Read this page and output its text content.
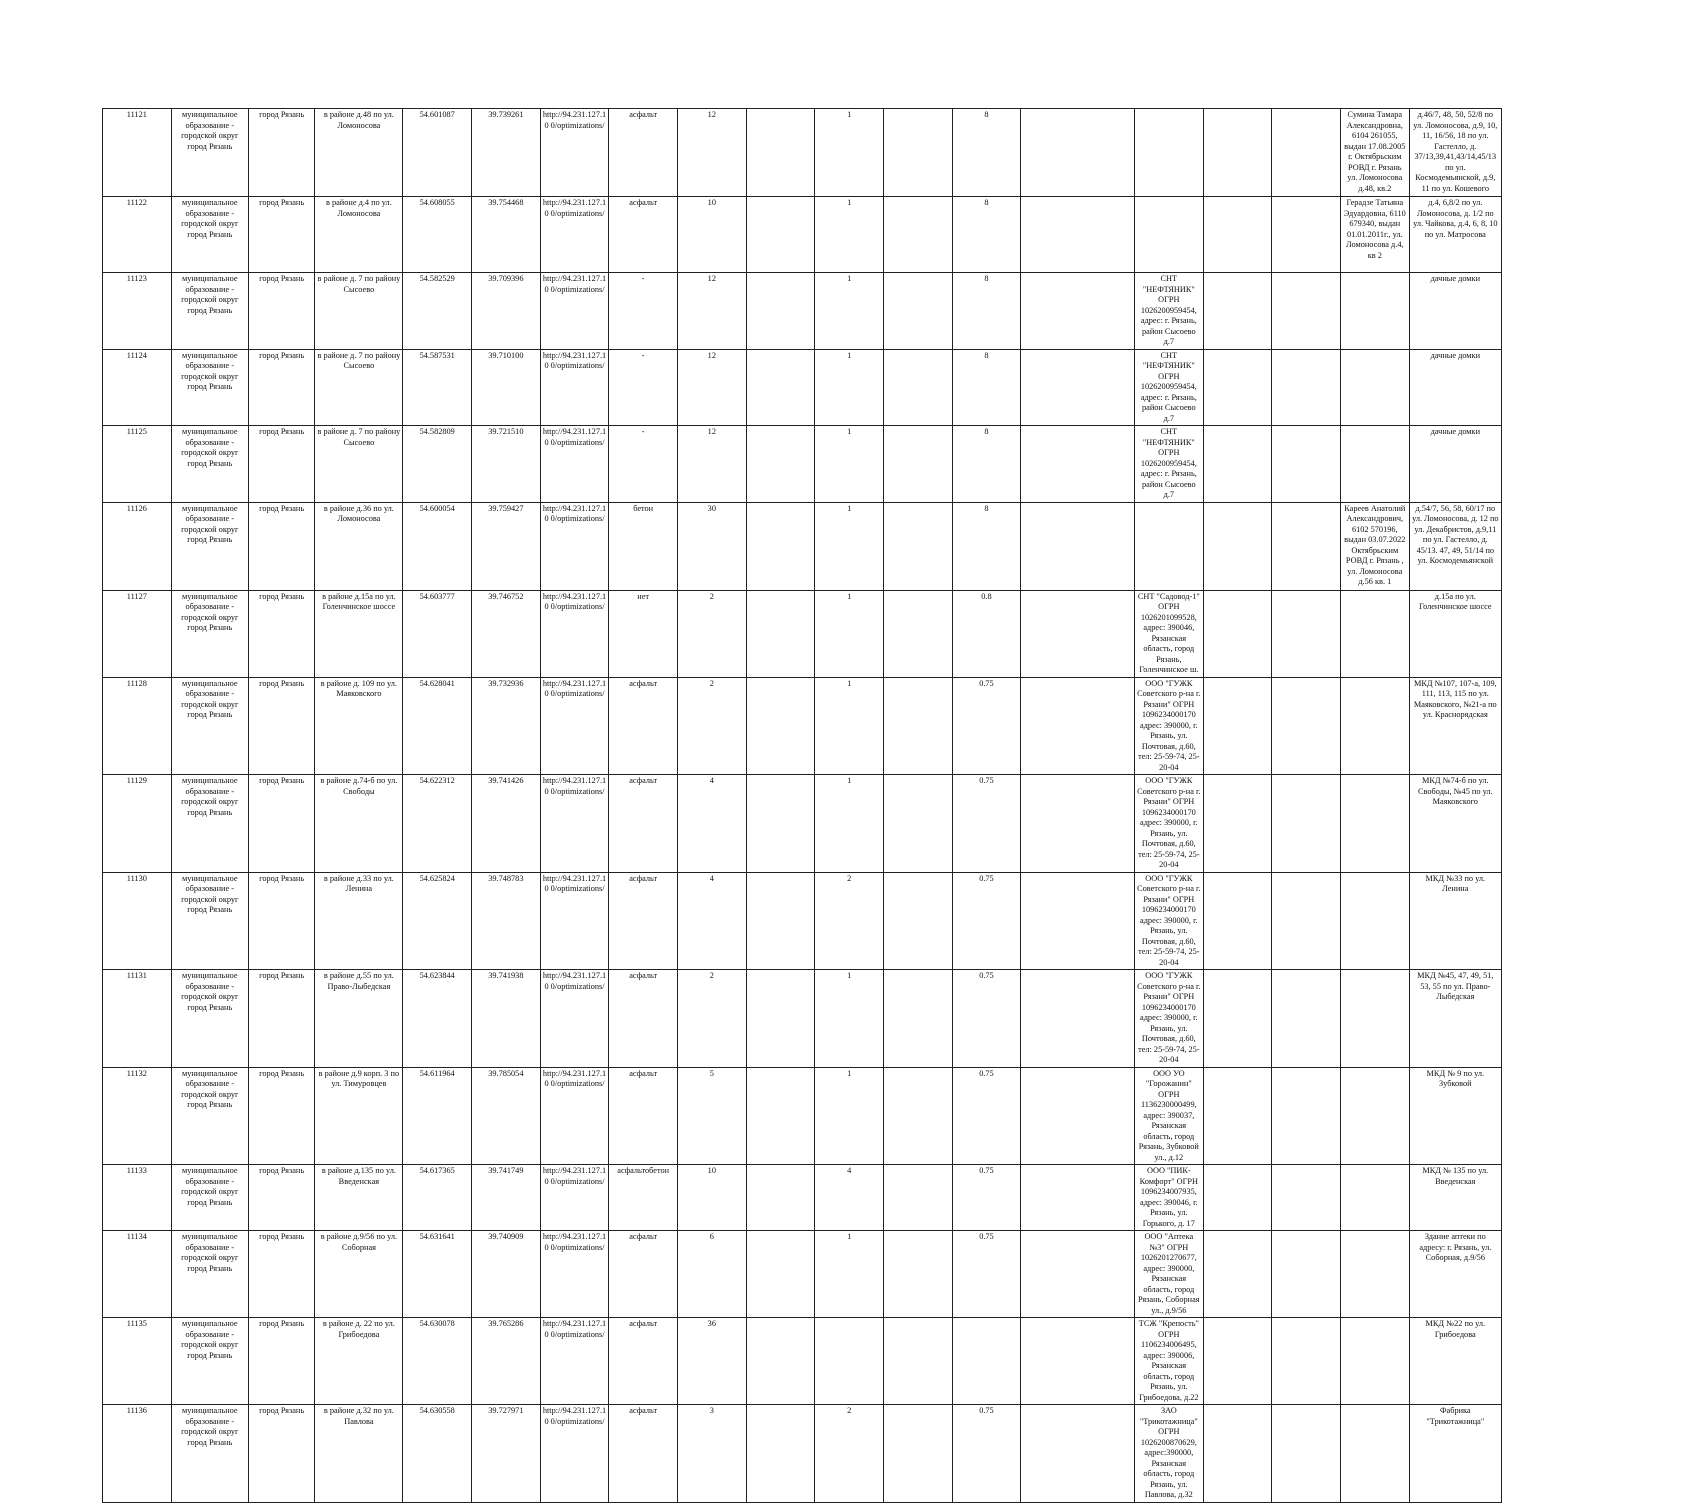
11121	муниципальное образование - городской округ город Рязань	город Рязань	в районе д.48 по ул. Ломоносова	54.601087	39.739261	http://94.231.127.10 0/optimizations/	асфальт	12		1		8					Сумина Тамара Александровна, 6104 261055, выдан 17.08.2005 г. Октябрьским РОВД г. Рязань ул. Ломоносова д.48, кв.2	д.46/7, 48, 50, 52/8 по ул. Ломоносова, д.9, 10, 11, 16/56, 18 по ул. Гастелло, д. 37/13,39,41,43/14,45/13 по ул. Космодемьянской, д.9, 11 по ул. Кошевого
11122	муниципальное образование - городской округ город Рязань	город Рязань	в районе д.4 по ул. Ломоносова	54.608055	39.754468	http://94.231.127.10 0/optimizations/	асфальт	10		1		8					Герадзе Татьяна Эдуардовна, 6110 679340, выдан 01.01.2011г., ул. Ломоносова д.4, кв 2	д.4, 6,8/2 по ул. Ломоносова, д. 1/2 по ул. Чайкова, д.4, 6, 8, 10 по ул. Матросова
11123	муниципальное образование - городской округ город Рязань	город Рязань	в районе д. 7 по району Сысоево	54.582529	39.709396	http://94.231.127.10 0/optimizations/	-	12		1		8		СНТ "НЕФТЯНИК" ОГРН 1026200959454, адрес: г. Рязань, район Сысоево д.7				дачные домки
11124	муниципальное образование - городской округ город Рязань	город Рязань	в районе д. 7 по району Сысоево	54.587531	39.710100	http://94.231.127.10 0/optimizations/	-	12		1		8		СНТ "НЕФТЯНИК" ОГРН 1026200959454, адрес: г. Рязань, район Сысоево д.7				дачные домки
11125	муниципальное образование - городской округ город Рязань	город Рязань	в районе д. 7 по району Сысоево	54.582809	39.721510	http://94.231.127.10 0/optimizations/	-	12		1		8		СНТ "НЕФТЯНИК" ОГРН 1026200959454, адрес: г. Рязань, район Сысоево д.7				дачные домки
11126	муниципальное образование - городской округ город Рязань	город Рязань	в районе д.36 по ул. Ломоносова	54.600054	39.759427	http://94.231.127.10 0/optimizations/	бетон	30		1		8					Кареев Анатолий Александрович, 6102 570196, выдан 03.07.2022 Октябрьским РОВД г. Рязань , ул. Ломоносова д.56 кв. 1	д.54/7, 56, 58, 60/17 по ул. Ломоносова, д. 12 по ул. Декабристов, д.9,11 по ул. Гастелло, д. 45/13. 47, 49, 51/14 по ул. Космодемьянской
11127	муниципальное образование - городской округ город Рязань	город Рязань	в районе д.15а по ул. Голенчинское шоссе	54.603777	39.746752	http://94.231.127.10 0/optimizations/	нет	2		1		0.8		СНТ "Садовод-1" ОГРН 1026201099528, адрес: 390046, Рязанская область, город Рязань, Голенчинское ш.				д.15а по ул. Голенчинское шоссе
11128	муниципальное образование - городской округ город Рязань	город Рязань	в районе д. 109 по ул. Маяковского	54.628041	39.732936	http://94.231.127.10 0/optimizations/	асфальт	2		1		0.75		ООО "ГУЖК Советского р-на г. Рязани" ОГРН 1096234000170 адрес: 390000, г. Рязань, ул. Почтовая, д.60, тел: 25-59-74, 25-20-04				МКД №107, 107-а, 109, 111, 113, 115 по ул. Маяковского, №21-а по ул. Краснорядская
11129	муниципальное образование - городской округ город Рязань	город Рязань	в районе д.74-б по ул. Свободы	54.622312	39.741426	http://94.231.127.10 0/optimizations/	асфальт	4		1		0.75		ООО "ГУЖК Советского р-на г. Рязани" ОГРН 1096234000170 адрес: 390000, г. Рязань, ул. Почтовая, д.60, тел: 25-59-74, 25-20-04				МКД №74-б по ул. Свободы, №45 по ул. Маяковского
11130	муниципальное образование - городской округ город Рязань	город Рязань	в районе д.33 по ул. Ленина	54.625824	39.748783	http://94.231.127.10 0/optimizations/	асфальт	4		2		0.75		ООО "ГУЖК Советского р-на г. Рязани" ОГРН 1096234000170 адрес: 390000, г. Рязань, ул. Почтовая, д.60, тел: 25-59-74, 25-20-04				МКД №33 по ул. Ленина
11131	муниципальное образование - городской округ город Рязань	город Рязань	в районе д.55 по ул. Право-Лыбедская	54.623844	39.741938	http://94.231.127.10 0/optimizations/	асфальт	2		1		0.75		ООО "ГУЖК Советского р-на г. Рязани" ОГРН 1096234000170 адрес: 390000, г. Рязань, ул. Почтовая, д.60, тел: 25-59-74, 25-20-04				МКД №45, 47, 49, 51, 53, 55 по ул. Право-Лыбедская
11132	муниципальное образование - городской округ город Рязань	город Рязань	в районе д.9 корп. 3 по ул. Тимуровцев	54.611964	39.785054	http://94.231.127.10 0/optimizations/	асфальт	5		1		0.75		ООО УО "Горожанин" ОГРН 1136230000499, адрес: 390037, Рязанская область, город Рязань, Зубковой ул., д.12				МКД № 9 по ул. Зубковой
11133	муниципальное образование - городской округ город Рязань	город Рязань	в районе д.135 по ул. Введенская	54.617365	39.741749	http://94.231.127.10 0/optimizations/	асфальтобетон	10		4		0.75		ООО "ПИК-Комфорт" ОГРН 1096234007935, адрес: 390046, г. Рязань, ул. Горького, д. 17				МКД № 135 по ул. Введенская
11134	муниципальное образование - городской округ город Рязань	город Рязань	в районе д.9/56 по ул. Соборная	54.631641	39.740909	http://94.231.127.10 0/optimizations/	асфальт	6		1		0.75		ООО "Аптека №3" ОГРН 1026201270677, адрес: 390000, Рязанская область, город Рязань, Соборная ул., д.9/56				Здание аптеки по адресу: г. Рязань, ул. Соборная, д.9/56
11135	муниципальное образование - городской округ город Рязань	город Рязань	в районе д. 22 по ул. Грибоедова	54.630078	39.765286	http://94.231.127.10 0/optimizations/	асфальт	36						ТСЖ "Крепость" ОГРН 1106234006495, адрес: 390006, Рязанская область, город Рязань, ул. Грибоедова, д.22				МКД №22 по ул. Грибоедова
11136	муниципальное образование - городской округ город Рязань	город Рязань	в районе д.32 по ул. Павлова	54.630558	39.727971	http://94.231.127.10 0/optimizations/	асфальт	3		2		0.75		ЗАО "Трикотажница" ОГРН 1026200870629, адрес:390000, Рязанская область, город Рязань, ул. Павлова, д.32				Фабрика "Трикотажница"
